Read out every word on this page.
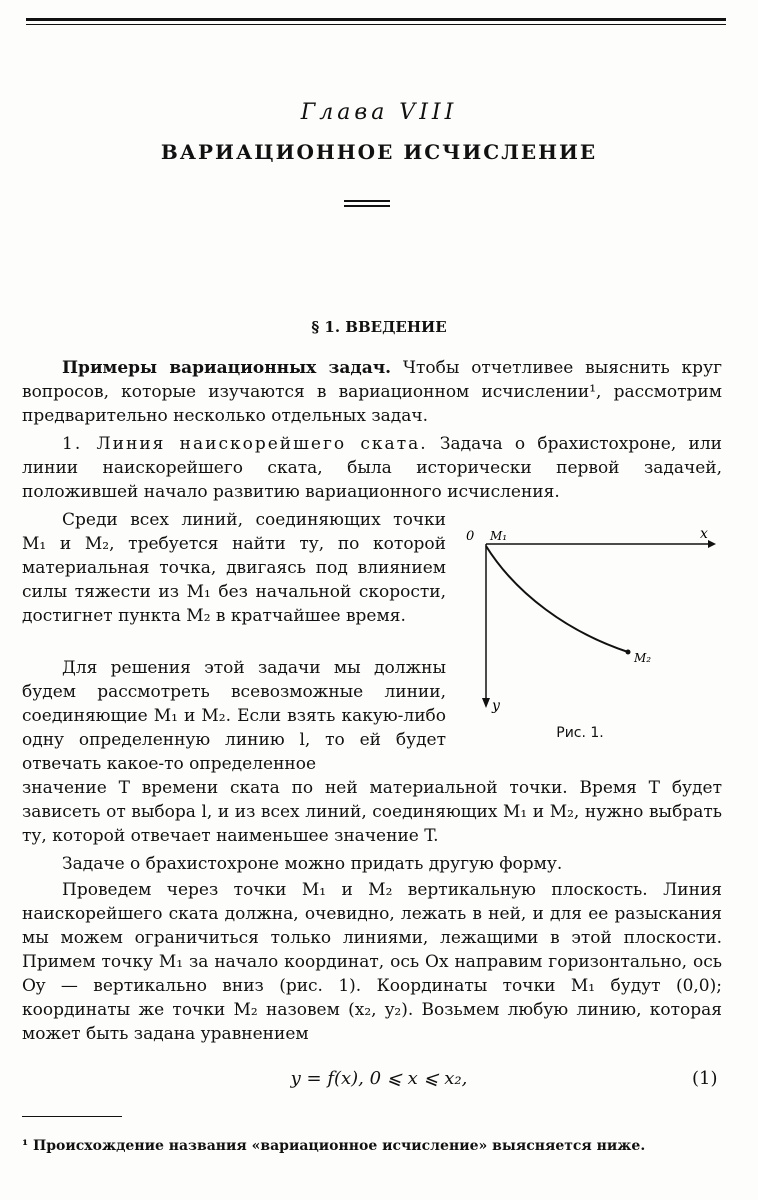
Глава VIII
ВАРИАЦИОННОЕ ИСЧИСЛЕНИЕ
§ 1. ВВЕДЕНИЕ

Примеры вариационных задач. Чтобы отчетливее выяснить круг вопросов, которые изучаются в вариационном исчислении¹, рассмотрим предварительно несколько отдельных задач.

1. Линия наискорейшего ската. Задача о брахистохроне, или линии наискорейшего ската, была исторически первой задачей, положившей начало развитию вариационного исчисления.

Среди всех линий, соединяющих точки M₁ и M₂, требуется найти ту, по которой материальная точка, двигаясь под влиянием силы тяжести из M₁ без начальной скорости, достигнет пункта M₂ в кратчайшее время.

Для решения этой задачи мы должны будем рассмотреть всевозможные линии, соединяющие M₁ и M₂. Если взять какую-либо одну определенную линию l, то ей будет отвечать какое-то определенное

значение T времени ската по ней материальной точки. Время T будет зависеть от выбора l, и из всех линий, соединяющих M₁ и M₂, нужно выбрать ту, которой отвечает наименьшее значение T.

Задаче о брахистохроне можно придать другую форму.

Проведем через точки M₁ и M₂ вертикальную плоскость. Линия наискорейшего ската должна, очевидно, лежать в ней, и для ее разыскания мы можем ограничиться только линиями, лежащими в этой плоскости. Примем точку M₁ за начало координат, ось Ox направим горизонтально, ось Oy — вертикально вниз (рис. 1). Координаты точки M₁ будут (0,0); координаты же точки M₂ назовем (x₂, y₂). Возьмем любую линию, которая может быть задана уравнением

0 M₁	x
y
M₂
Рис. 1.
y = f(x), 0 ⩽ x ⩽ x₂,	(1)
¹ Происхождение названия «вариационное исчисление» выясняется ниже.
